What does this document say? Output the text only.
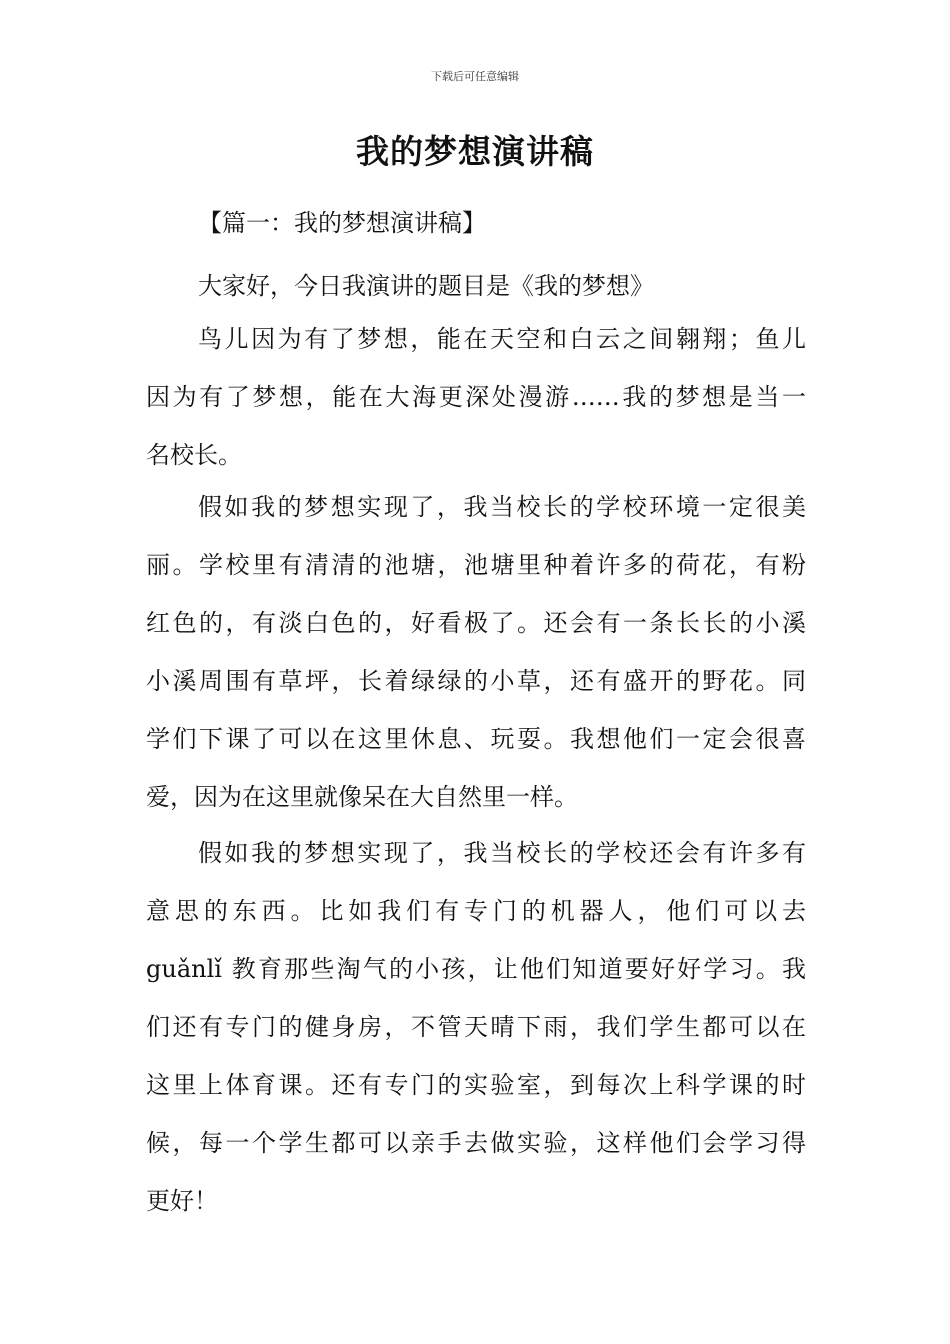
下载后可任意编辑
我的梦想演讲稿

【篇一：我的梦想演讲稿】

大家好，今日我演讲的题目是《我的梦想》
鸟儿因为有了梦想，能在天空和白云之间翱翔；鱼儿
因为有了梦想，能在大海更深处漫游……我的梦想是当一
名校长。
假如我的梦想实现了，我当校长的学校环境一定很美
丽。学校里有清清的池塘，池塘里种着许多的荷花，有粉
红色的，有淡白色的，好看极了。还会有一条长长的小溪
小溪周围有草坪，长着绿绿的小草，还有盛开的野花。同
学们下课了可以在这里休息、玩耍。我想他们一定会很喜
爱，因为在这里就像呆在大自然里一样。
假如我的梦想实现了，我当校长的学校还会有许多有
意思的东西。比如我们有专门的机器人，他们可以去
guǎnlǐ 教育那些淘气的小孩，让他们知道要好好学习。我
们还有专门的健身房，不管天晴下雨，我们学生都可以在
这里上体育课。还有专门的实验室，到每次上科学课的时
候，每一个学生都可以亲手去做实验，这样他们会学习得
更好！
